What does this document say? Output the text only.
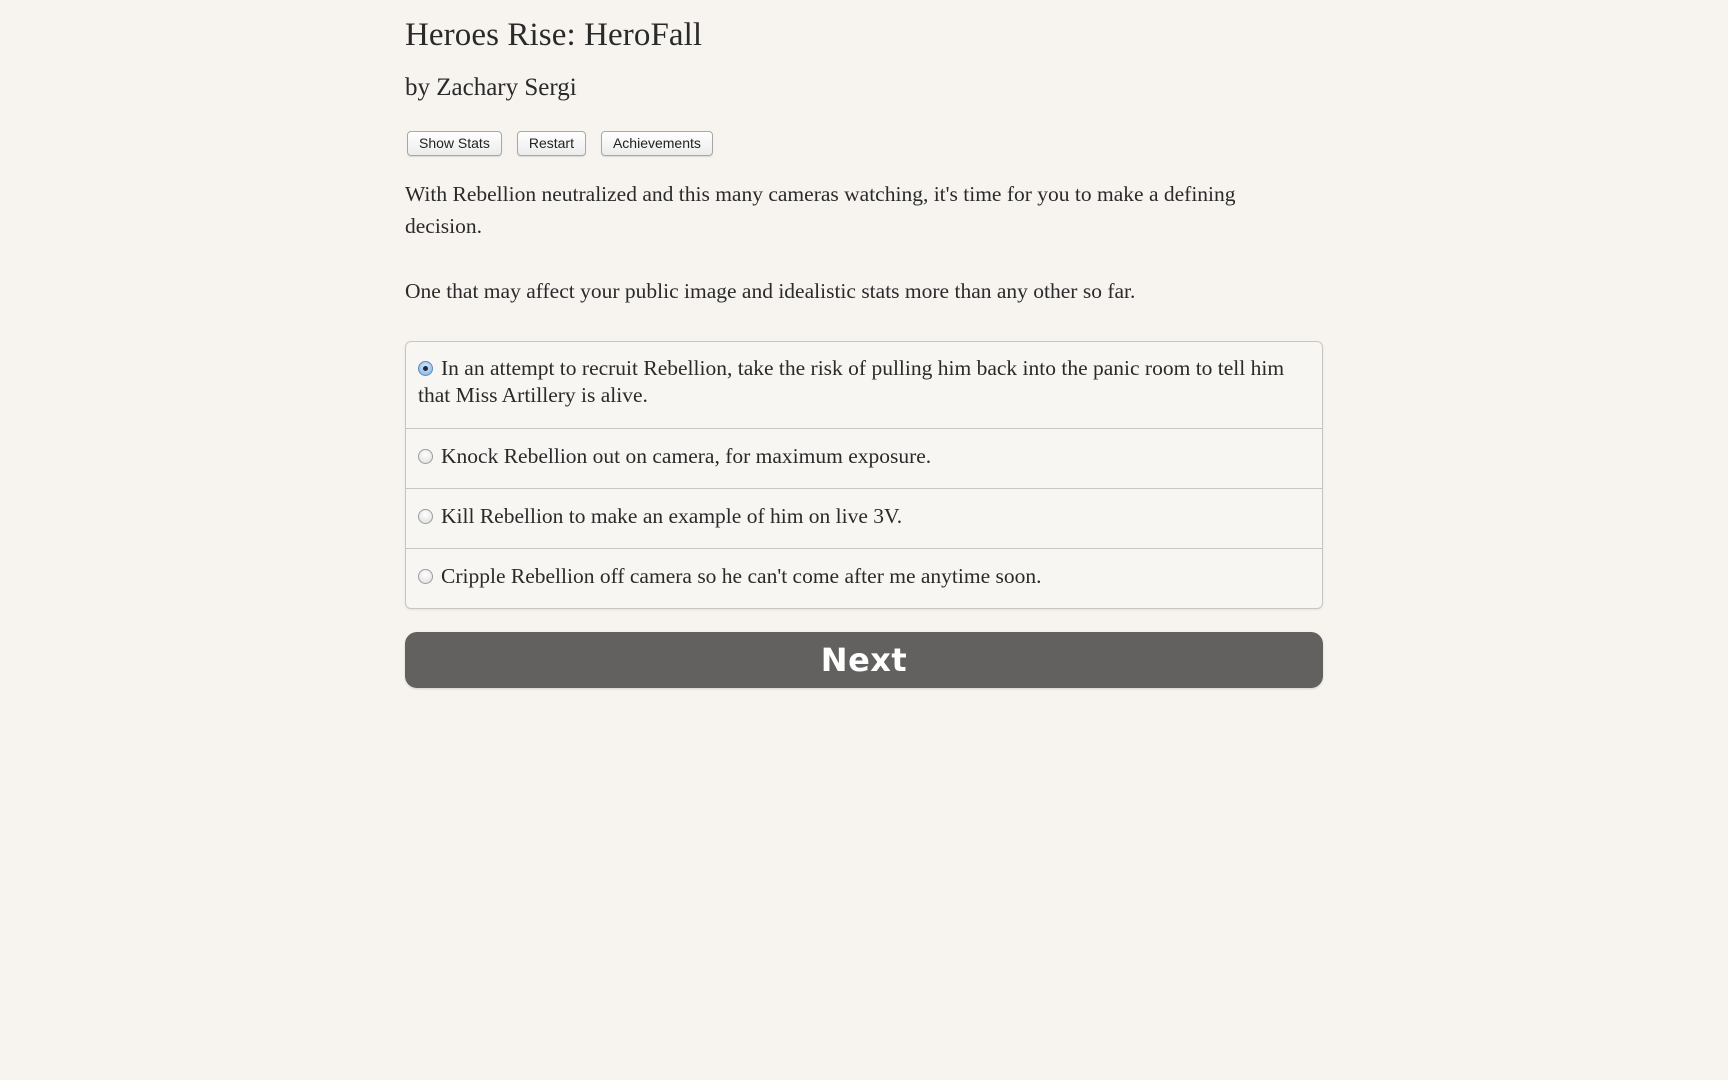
Heroes Rise: HeroFall
by Zachary Sergi
Show Stats	Restart	Achievements

With Rebellion neutralized and this many cameras watching, it's time for you to make a defining decision.

One that may affect your public image and idealistic stats more than any other so far.

In an attempt to recruit Rebellion, take the risk of pulling him back into the panic room to tell him that Miss Artillery is alive.
Knock Rebellion out on camera, for maximum exposure.
Kill Rebellion to make an example of him on live 3V.
Cripple Rebellion off camera so he can't come after me anytime soon.
Next
